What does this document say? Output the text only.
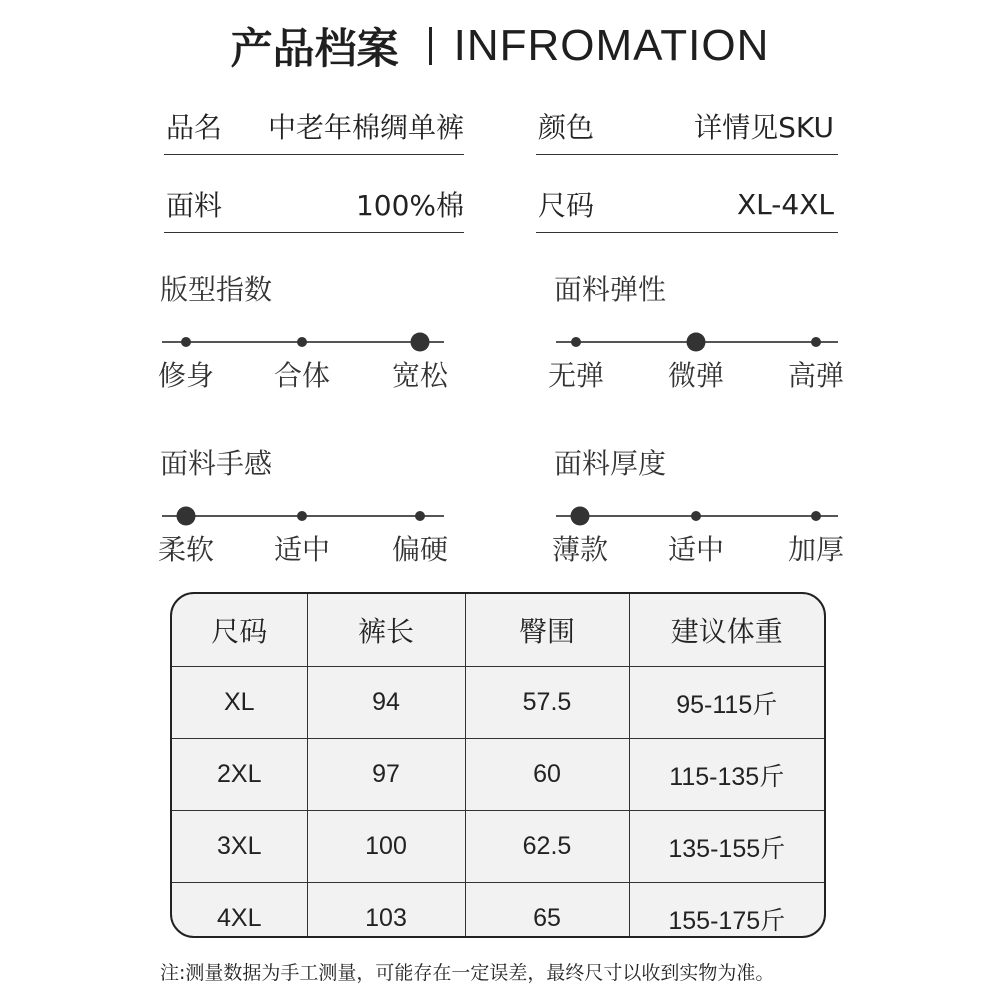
产品档案 INFROMATION
品名 中老年棉绸单裤	颜色	详情见SKU
面料	100%棉	尺码	XL-4XL
版型指数
修身 合体 宽松
面料弹性
无弹 微弹 高弹
面料手感
柔软 适中 偏硬
面料厚度
薄款 适中 加厚
尺码	裤长	臀围	建议体重
XL	94	57.5	95-115斤
2XL	97	60	115-135斤
3XL	100	62.5	135-155斤
4XL	103	65	155-175斤
注:测量数据为手工测量，可能存在一定误差，最终尺寸以收到实物为准。
